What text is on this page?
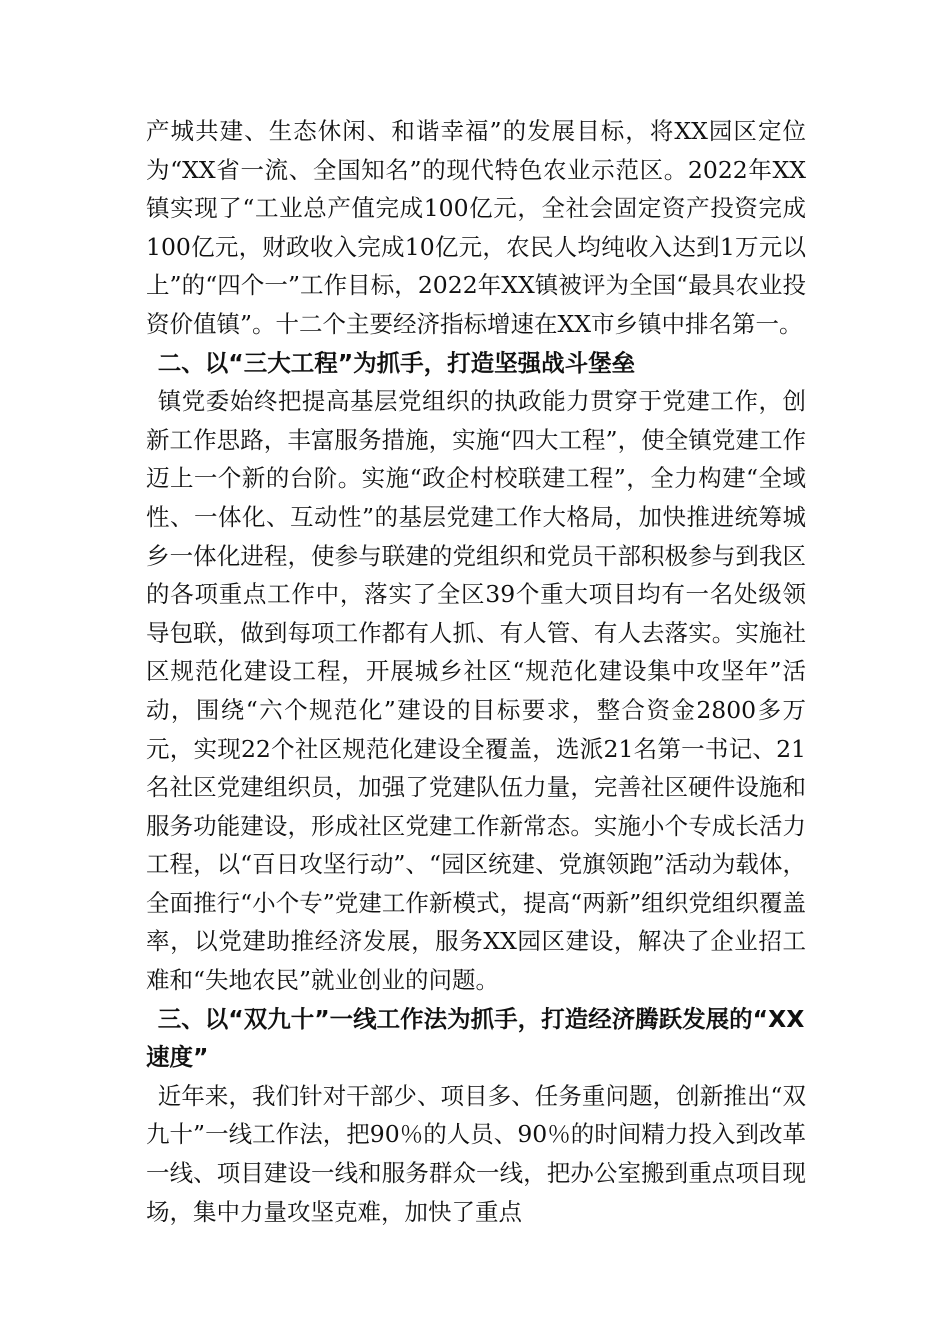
产城共建、生态休闲、和谐幸福”的发展目标，将XX园区定位为“XX省一流、全国知名”的现代特色农业示范区。2022年XX镇实现了“工业总产值完成100亿元，全社会固定资产投资完成100亿元，财政收入完成10亿元，农民人均纯收入达到1万元以上”的“四个一”工作目标，2022年XX镇被评为全国“最具农业投资价值镇”。十二个主要经济指标增速在XX市乡镇中排名第一。

二、以“三大工程”为抓手，打造坚强战斗堡垒

镇党委始终把提高基层党组织的执政能力贯穿于党建工作，创新工作思路，丰富服务措施，实施“四大工程”，使全镇党建工作迈上一个新的台阶。实施“政企村校联建工程”，全力构建“全域性、一体化、互动性”的基层党建工作大格局，加快推进统筹城乡一体化进程，使参与联建的党组织和党员干部积极参与到我区的各项重点工作中，落实了全区39个重大项目均有一名处级领导包联，做到每项工作都有人抓、有人管、有人去落实。实施社区规范化建设工程，开展城乡社区“规范化建设集中攻坚年”活动，围绕“六个规范化”建设的目标要求，整合资金2800多万元，实现22个社区规范化建设全覆盖，选派21名第一书记、21名社区党建组织员，加强了党建队伍力量，完善社区硬件设施和服务功能建设，形成社区党建工作新常态。实施小个专成长活力工程，以“百日攻坚行动”、“园区统建、党旗领跑”活动为载体，全面推行“小个专”党建工作新模式，提高“两新”组织党组织覆盖率，以党建助推经济发展，服务XX园区建设，解决了企业招工难和“失地农民”就业创业的问题。

三、以“双九十”一线工作法为抓手，打造经济腾跃发展的“XX速度”

近年来，我们针对干部少、项目多、任务重问题，创新推出“双九十”一线工作法，把90％的人员、90％的时间精力投入到改革一线、项目建设一线和服务群众一线，把办公室搬到重点项目现场，集中力量攻坚克难，加快了重点
